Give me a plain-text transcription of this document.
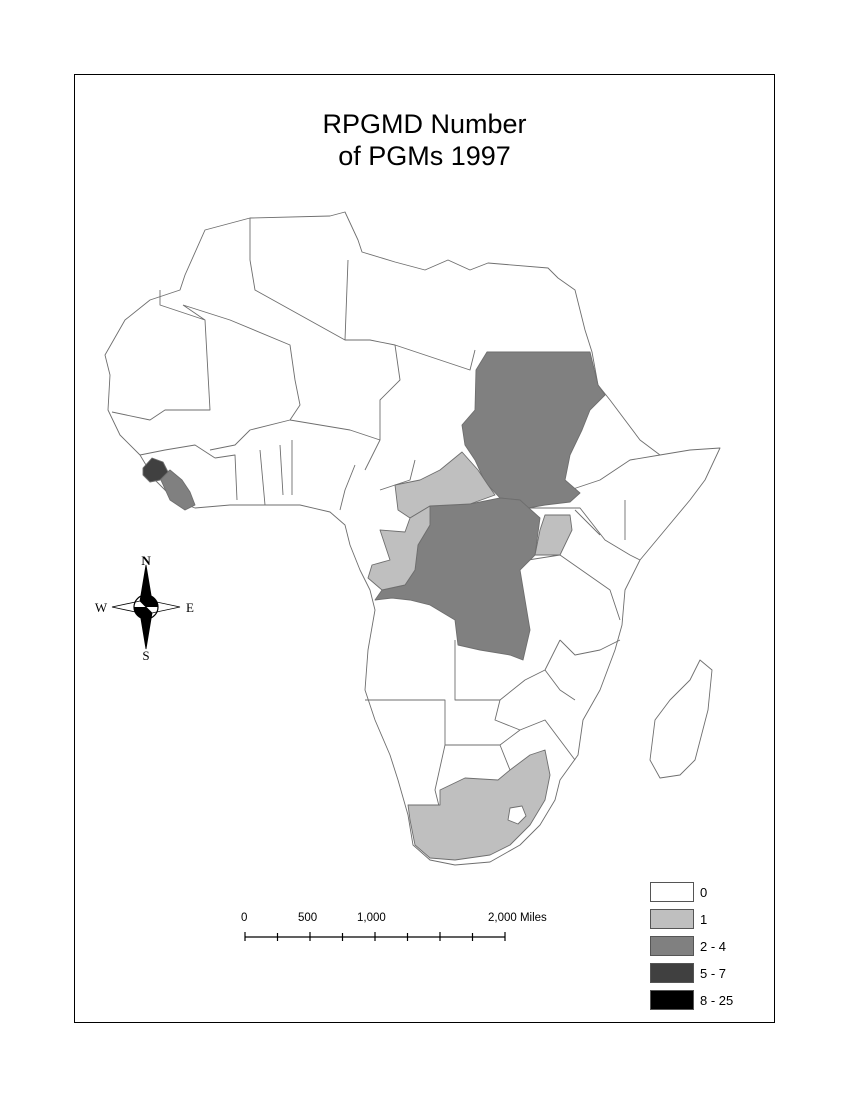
RPGMD Number
of PGMs 1997
N
S
E
W
0	500	1,000	2,000 Miles
0
1
2 - 4
5 - 7
8 - 25
